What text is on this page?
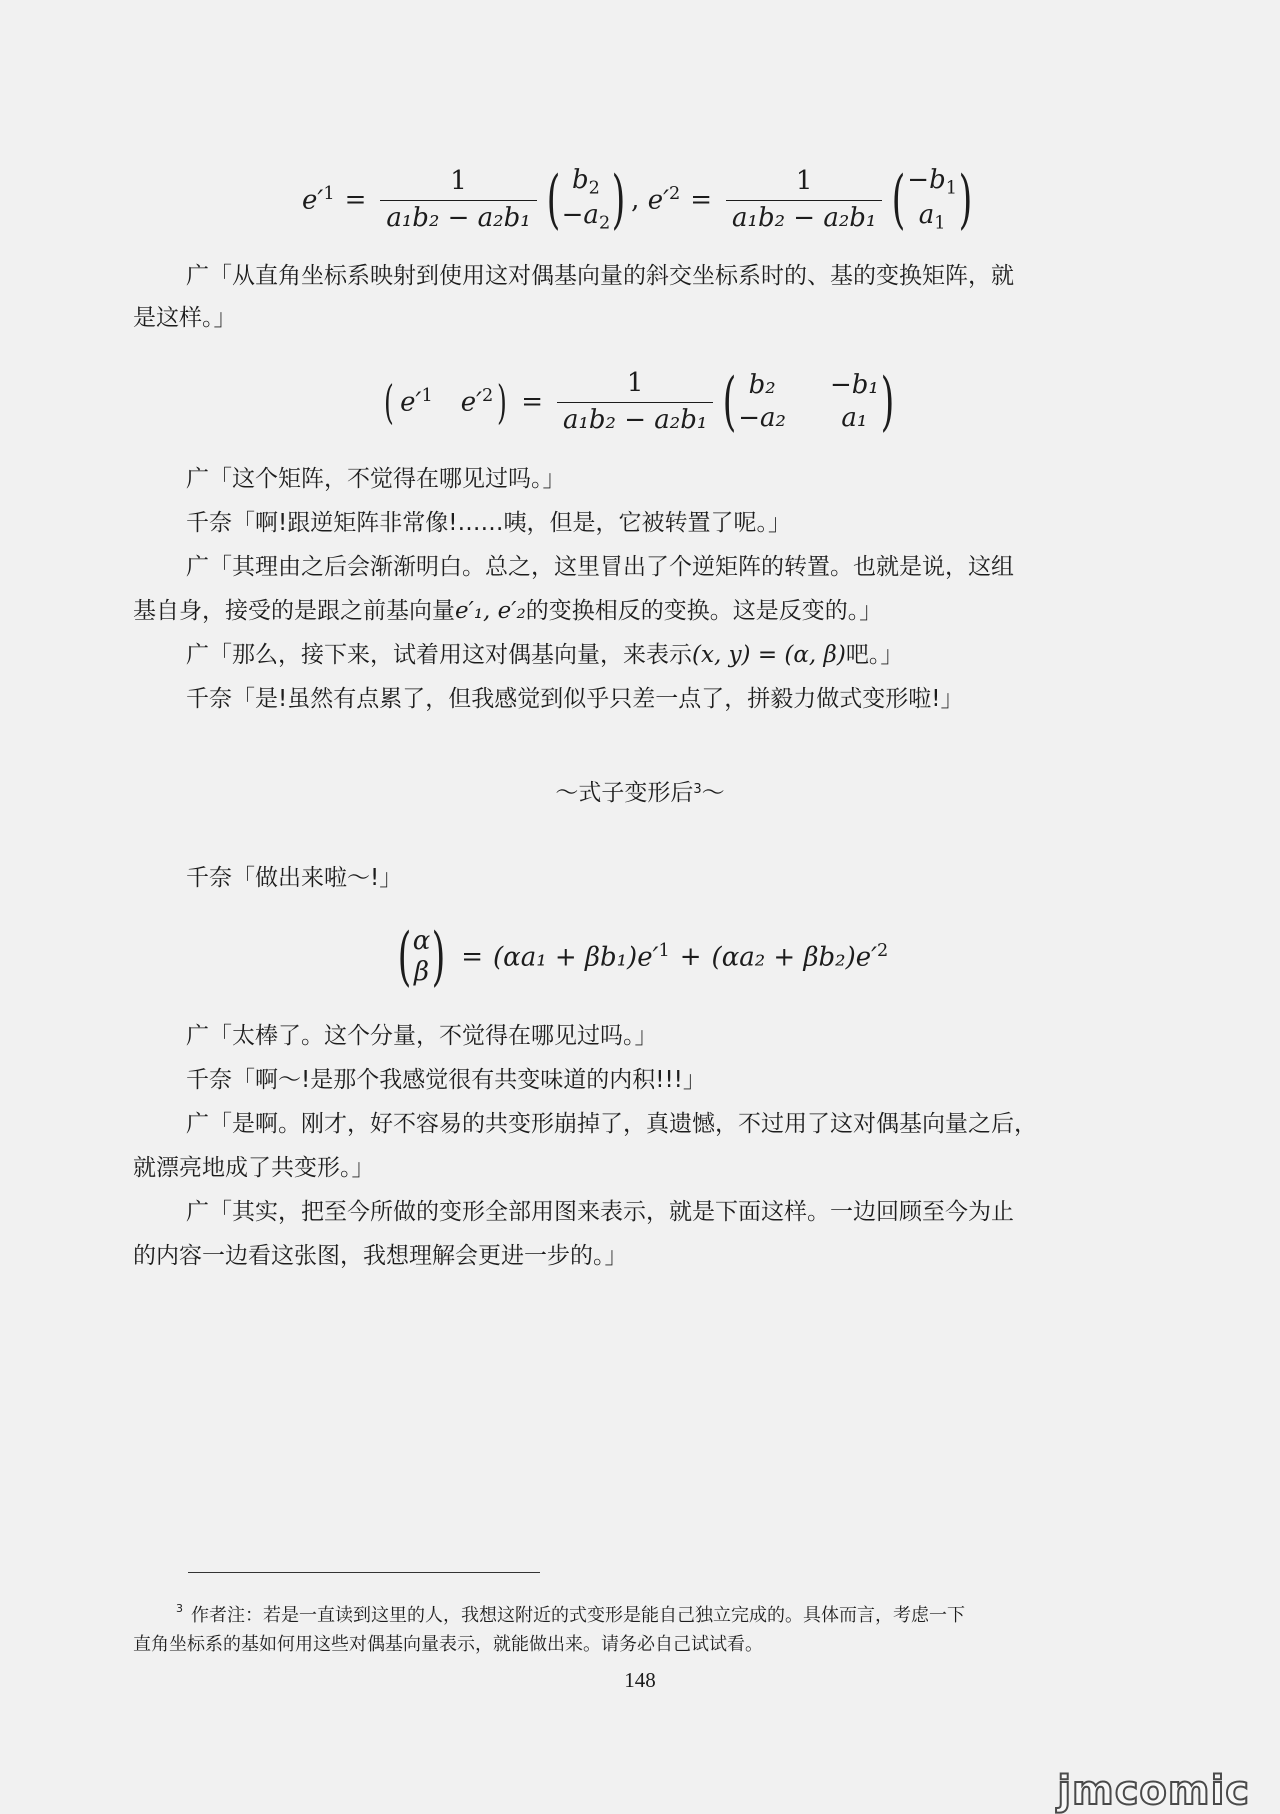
$e'^1 = \frac{1}{\text{a₁b₂ − a₂b₁}}$ ( $b_2$
$-a_2$ ) , $e'^2 = \frac{1}{\text{a₁b₂ − a₂b₁}}$ ( $-b_1$
$a_1$ )
广「从直角坐标系映射到使用这对偶基向量的斜交坐标系时的、基的变换矩阵，就
是这样。」
( $e'^1$ $e'^2$ ) = $\frac{1}{\text{a₁b₂ − a₂b₁}}$ ( b₂	−b₁
−a₂	a₁ )
广「这个矩阵，不觉得在哪见过吗。」
千奈「啊!跟逆矩阵非常像!……咦，但是，它被转置了呢。」
广「其理由之后会渐渐明白。总之，这里冒出了个逆矩阵的转置。也就是说，这组
基自身，接受的是跟之前基向量e′₁, e′₂的变换相反的变换。这是反变的。」
广「那么，接下来，试着用这对偶基向量，来表示(x, y) = (α, β)吧。」
千奈「是!虽然有点累了，但我感觉到似乎只差一点了，拼毅力做式变形啦!」
〜式子变形后$^3$〜
千奈「做出来啦〜!」
( α
β ) = $(\alpha a_1 + \beta b_1)e'^1 + (\alpha a_2 + \beta b_2)e'^2$
广「太棒了。这个分量，不觉得在哪见过吗。」
千奈「啊〜!是那个我感觉很有共变味道的内积!!!」
广「是啊。刚才，好不容易的共变形崩掉了，真遗憾，不过用了这对偶基向量之后，
就漂亮地成了共变形。」
广「其实，把至今所做的变形全部用图来表示，就是下面这样。一边回顾至今为止
的内容一边看这张图，我想理解会更进一步的。」
$^3$ 作者注：若是一直读到这里的人，我想这附近的式变形是能自己独立完成的。具体而言，考虑一下
直角坐标系的基如何用这些对偶基向量表示，就能做出来。请务必自己试试看。
148
jmcomic
